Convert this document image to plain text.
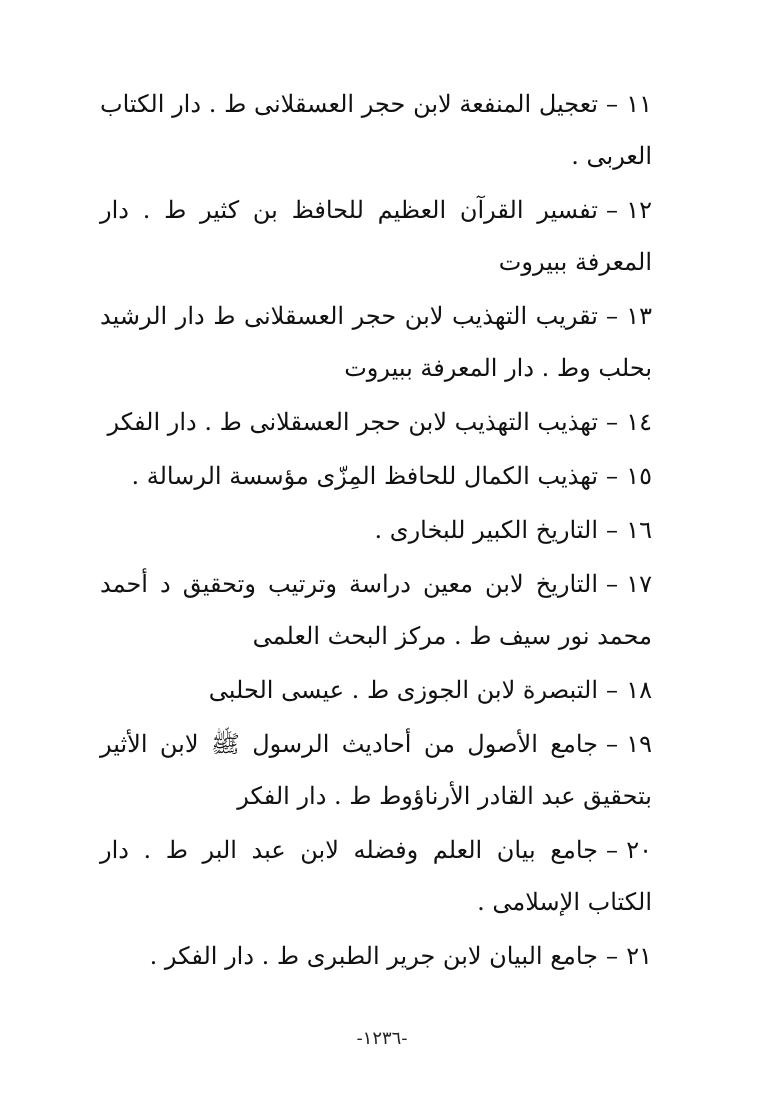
١١–تعجيل المنفعة لابن حجر العسقلانى ط . دار الكتاب العربى .

١٢–تفسير القرآن العظيم للحافظ بن كثير ط . دار المعرفة ببيروت

١٣–تقريب التهذيب لابن حجر العسقلانى ط دار الرشيد بحلب وط . دار المعرفة ببيروت

١٤–تهذيب التهذيب لابن حجر العسقلانى ط . دار الفكر

١٥–تهذيب الكمال للحافظ المِزّى مؤسسة الرسالة .

١٦–التاريخ الكبير للبخارى .

١٧–التاريخ لابن معين دراسة وترتيب وتحقيق د أحمد محمد نور سيف ط . مركز البحث العلمى

١٨–التبصرة لابن الجوزى ط . عيسى الحلبى

١٩–جامع الأصول من أحاديث الرسول ﷺ لابن الأثير بتحقيق عبد القادر الأرناؤوط ط . دار الفكر

٢٠–جامع بيان العلم وفضله لابن عبد البر ط . دار الكتاب الإسلامى .

٢١–جامع البيان لابن جرير الطبرى ط . دار الفكر .

-١٢٣٦-
